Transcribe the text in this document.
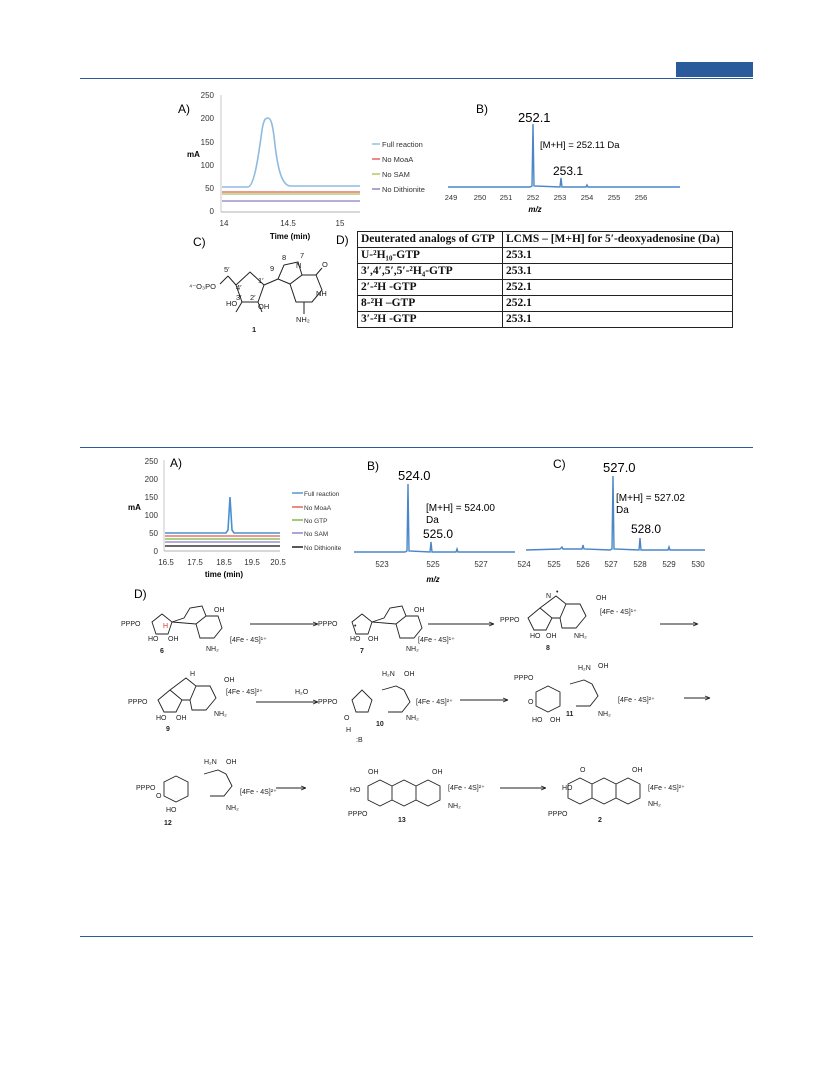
A)
mA
250
200
150
100
50
0
14	14.5	15
Time (min)
Full reaction
No MoaA
No SAM
No Dithionite
B)
252.1
[M+H] = 252.11 Da
253.1
249 250 251 252 253 254 255 256
m/z
C)
⁴⁻O₃PO
5′
4′
1′
3′ 2′
HO	OH
9
8 7
N
NH
O
NH₂
1
D) Deuterated analogs of GTP	LCMS – [M+H] for 5′-deoxyadenosine (Da)
U-²H₁₀-GTP	253.1
3′,4′,5′,5′-²H₄-GTP	253.1
2′-²H -GTP	252.1
8-²H –GTP	252.1
3′-²H -GTP	253.1
A)
mA
250
200
150
100
50
0
16.5 17.5 18.5 19.5 20.5
time (min)
Full reaction
No MoaA
No GTP
No SAM
No Dithionite
B)
524.0
[M+H] = 524.00
Da
525.0
523	525	527
m/z
C)	527.0
[M+H] = 527.02
Da
528.0
524 525 526 527 528 529 530
D)
PPPO	H
HO OH
OH
[4Fe - 4S]¹⁺
NH₂
6
PPPO •
HO OH
OH
[4Fe - 4S]¹⁺
NH₂
7
PPPO
•
N	OH
[4Fe - 4S]¹⁺
NH₂
HO OH
8
PPPO
H
OH
[4Fe - 4S]²⁺
NH₂
HO OH
9
H₂O
PPPO
H₂N OH
[4Fe - 4S]²⁺
NH₂
O
H
:B
10
PPPO
H₂N OH
[4Fe - 4S]²⁺
NH₂
O
HO OH
11
PPPO
H₂N OH
[4Fe - 4S]²⁺
NH₂
O
HO
12
OH	OH
HO	[4Fe - 4S]²⁺
NH₂
PPPO
13
O	OH
HO	[4Fe - 4S]²⁺
NH₂
PPPO
2
